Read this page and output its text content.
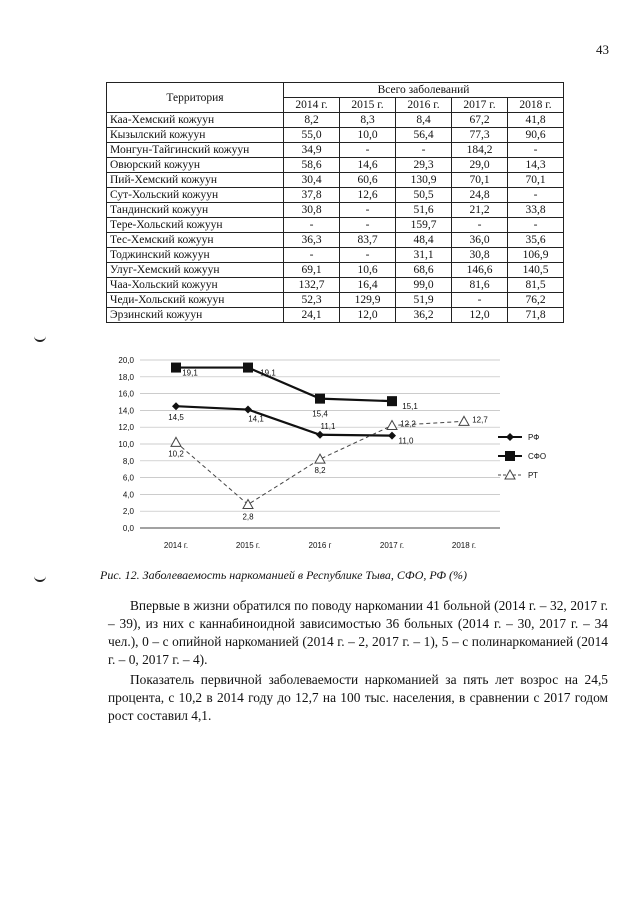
43
Территория	Всего заболеваний				
	2014 г.	2015 г.	2016 г.	2017 г.	2018 г.
Каа-Хемский кожуун	8,2	8,3	8,4	67,2	41,8
Кызылский кожуун	55,0	10,0	56,4	77,3	90,6
Монгун-Тайгинский кожуун	34,9	-	-	184,2	-
Овюрский кожуун	58,6	14,6	29,3	29,0	14,3
Пий-Хемский кожуун	30,4	60,6	130,9	70,1	70,1
Сут-Хольский кожуун	37,8	12,6	50,5	24,8	-
Тандинский кожуун	30,8	-	51,6	21,2	33,8
Тере-Хольский кожуун	-	-	159,7	-	-
Тес-Хемский кожуун	36,3	83,7	48,4	36,0	35,6
Тоджинский кожуун	-	-	31,1	30,8	106,9
Улуг-Хемский кожуун	69,1	10,6	68,6	146,6	140,5
Чаа-Хольский кожуун	132,7	16,4	99,0	81,6	81,5
Чеди-Хольский кожуун	52,3	129,9	51,9	-	76,2
Эрзинский кожуун	24,1	12,0	36,2	12,0	71,8
0,0
2,0
4,0
6,0
8,0
10,0
12,0
14,0
16,0
18,0
20,0
2014 г.	2015 г.	2016 г	2017 г.	2018 г.
14,5	14,1
11,1
11,0
19,1	19,1
15,4
15,1
10,2
2,8
8,2
12,2	12,7
РФ
СФО
РТ
Рис. 12. Заболеваемость наркоманией в Республике Тыва, СФО, РФ (%)

Впервые в жизни обратился по поводу наркомании 41 больной (2014 г. – 32, 2017 г. – 39), из них с каннабиноидной зависимостью 36 больных (2014 г. – 30, 2017 г. – 34 чел.), 0 – с опийной наркоманией (2014 г. – 2, 2017 г. – 1), 5 – с полинаркоманией (2014 г. – 0, 2017 г. – 4).

Показатель первичной заболеваемости наркоманией за пять лет возрос на 24,5 процента, с 10,2 в 2014 году до 12,7 на 100 тыс. населения, в сравнении с 2017 годом рост составил 4,1.
